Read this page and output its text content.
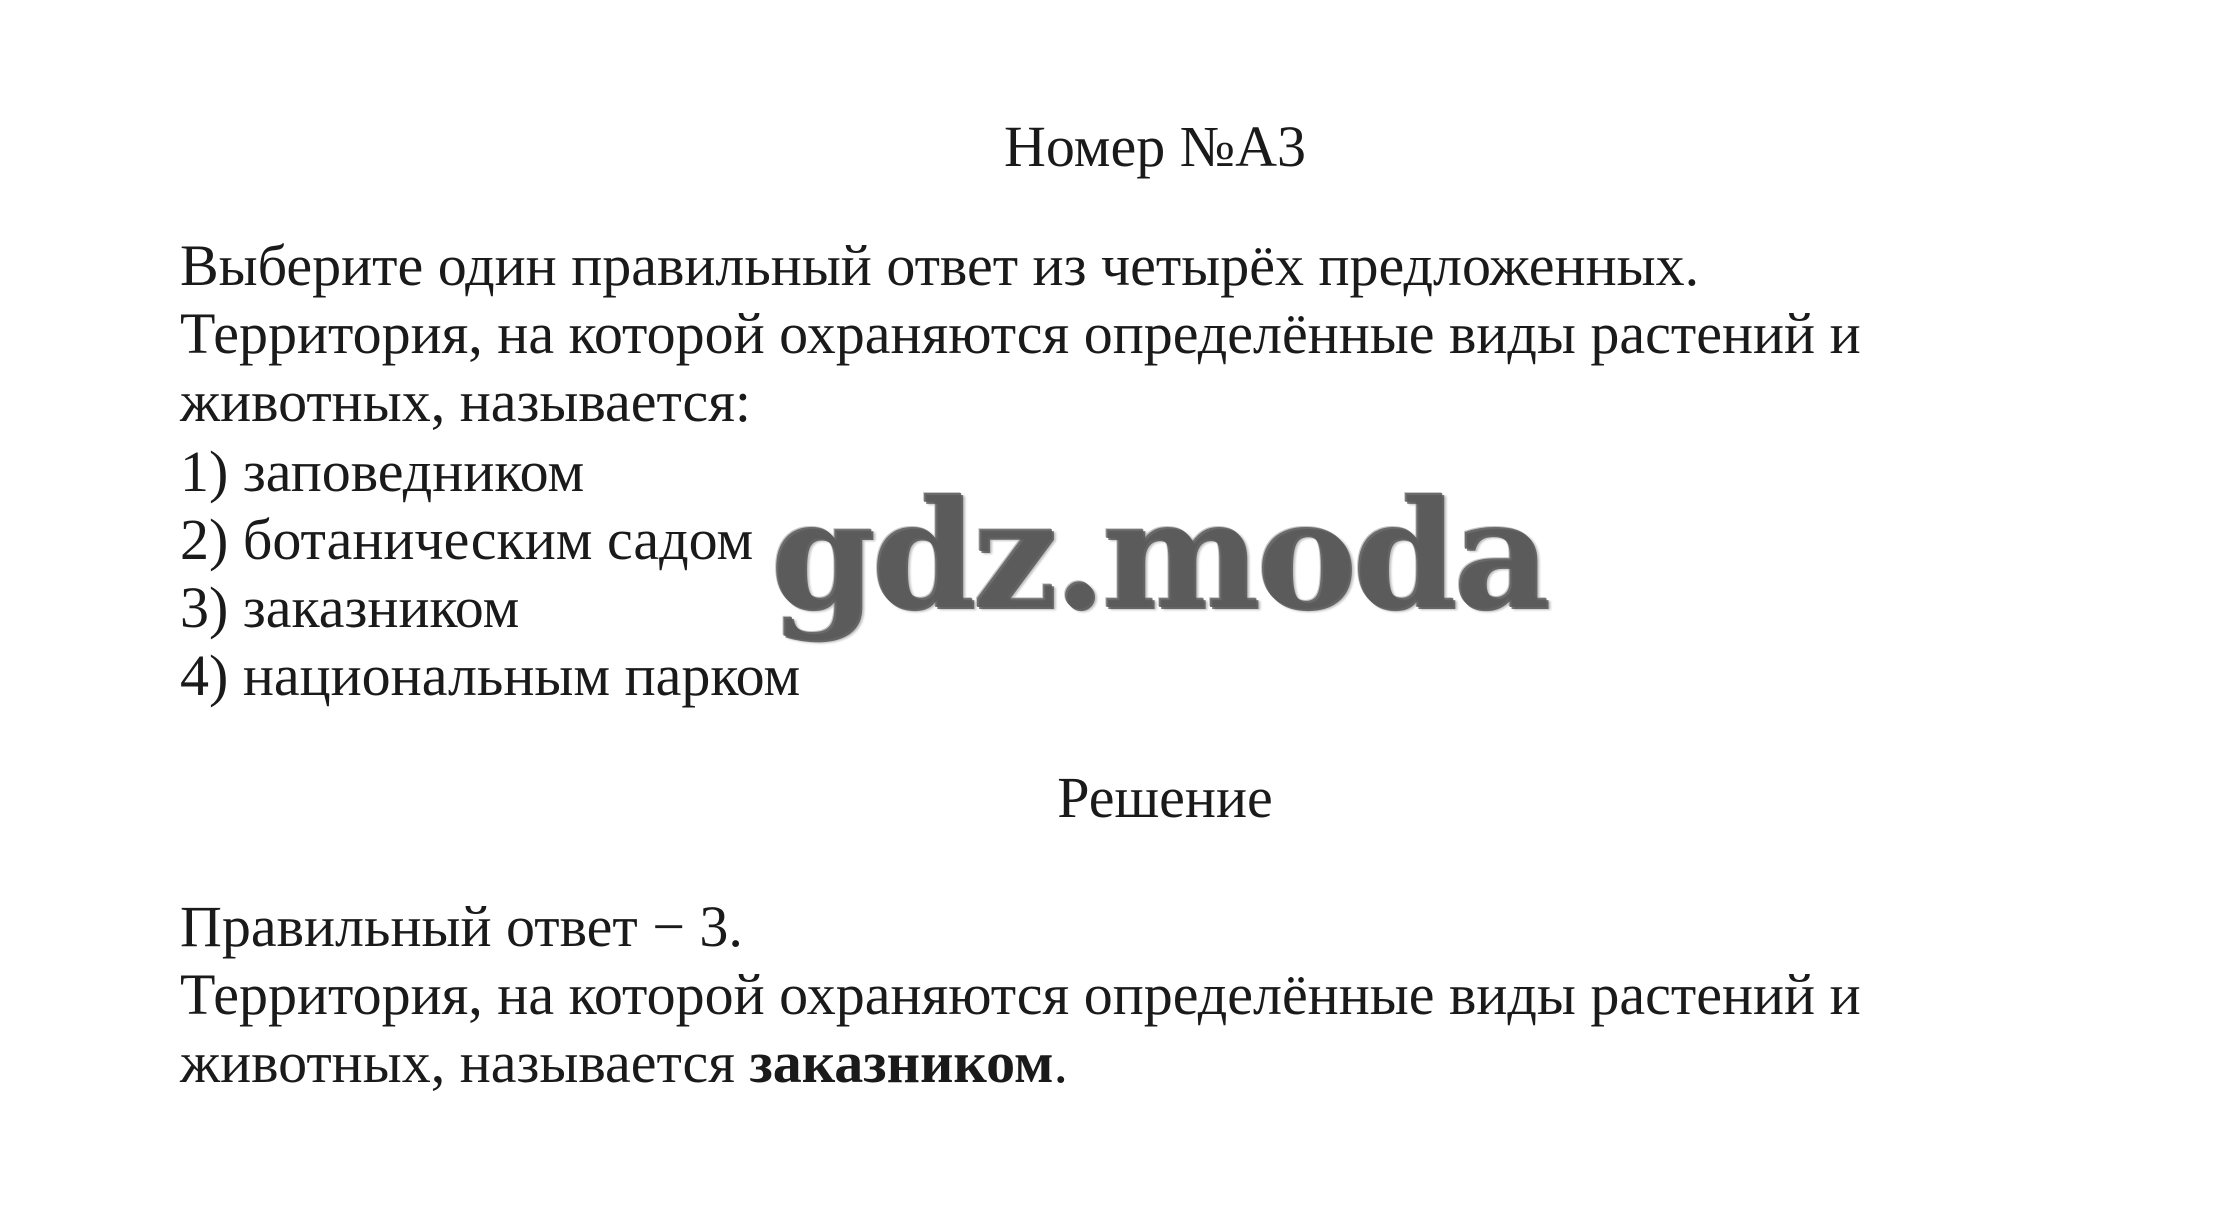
Номер №А3
Выберите один правильный ответ из четырёх предложенных.
Территория, на которой охраняются определённые виды растений и
животных, называется:
1) заповедником
2) ботаническим садом
3) заказником
4) национальным парком
Решение
Правильный ответ − 3.
Территория, на которой охраняются определённые виды растений и
животных, называется заказником.
gdz.moda
